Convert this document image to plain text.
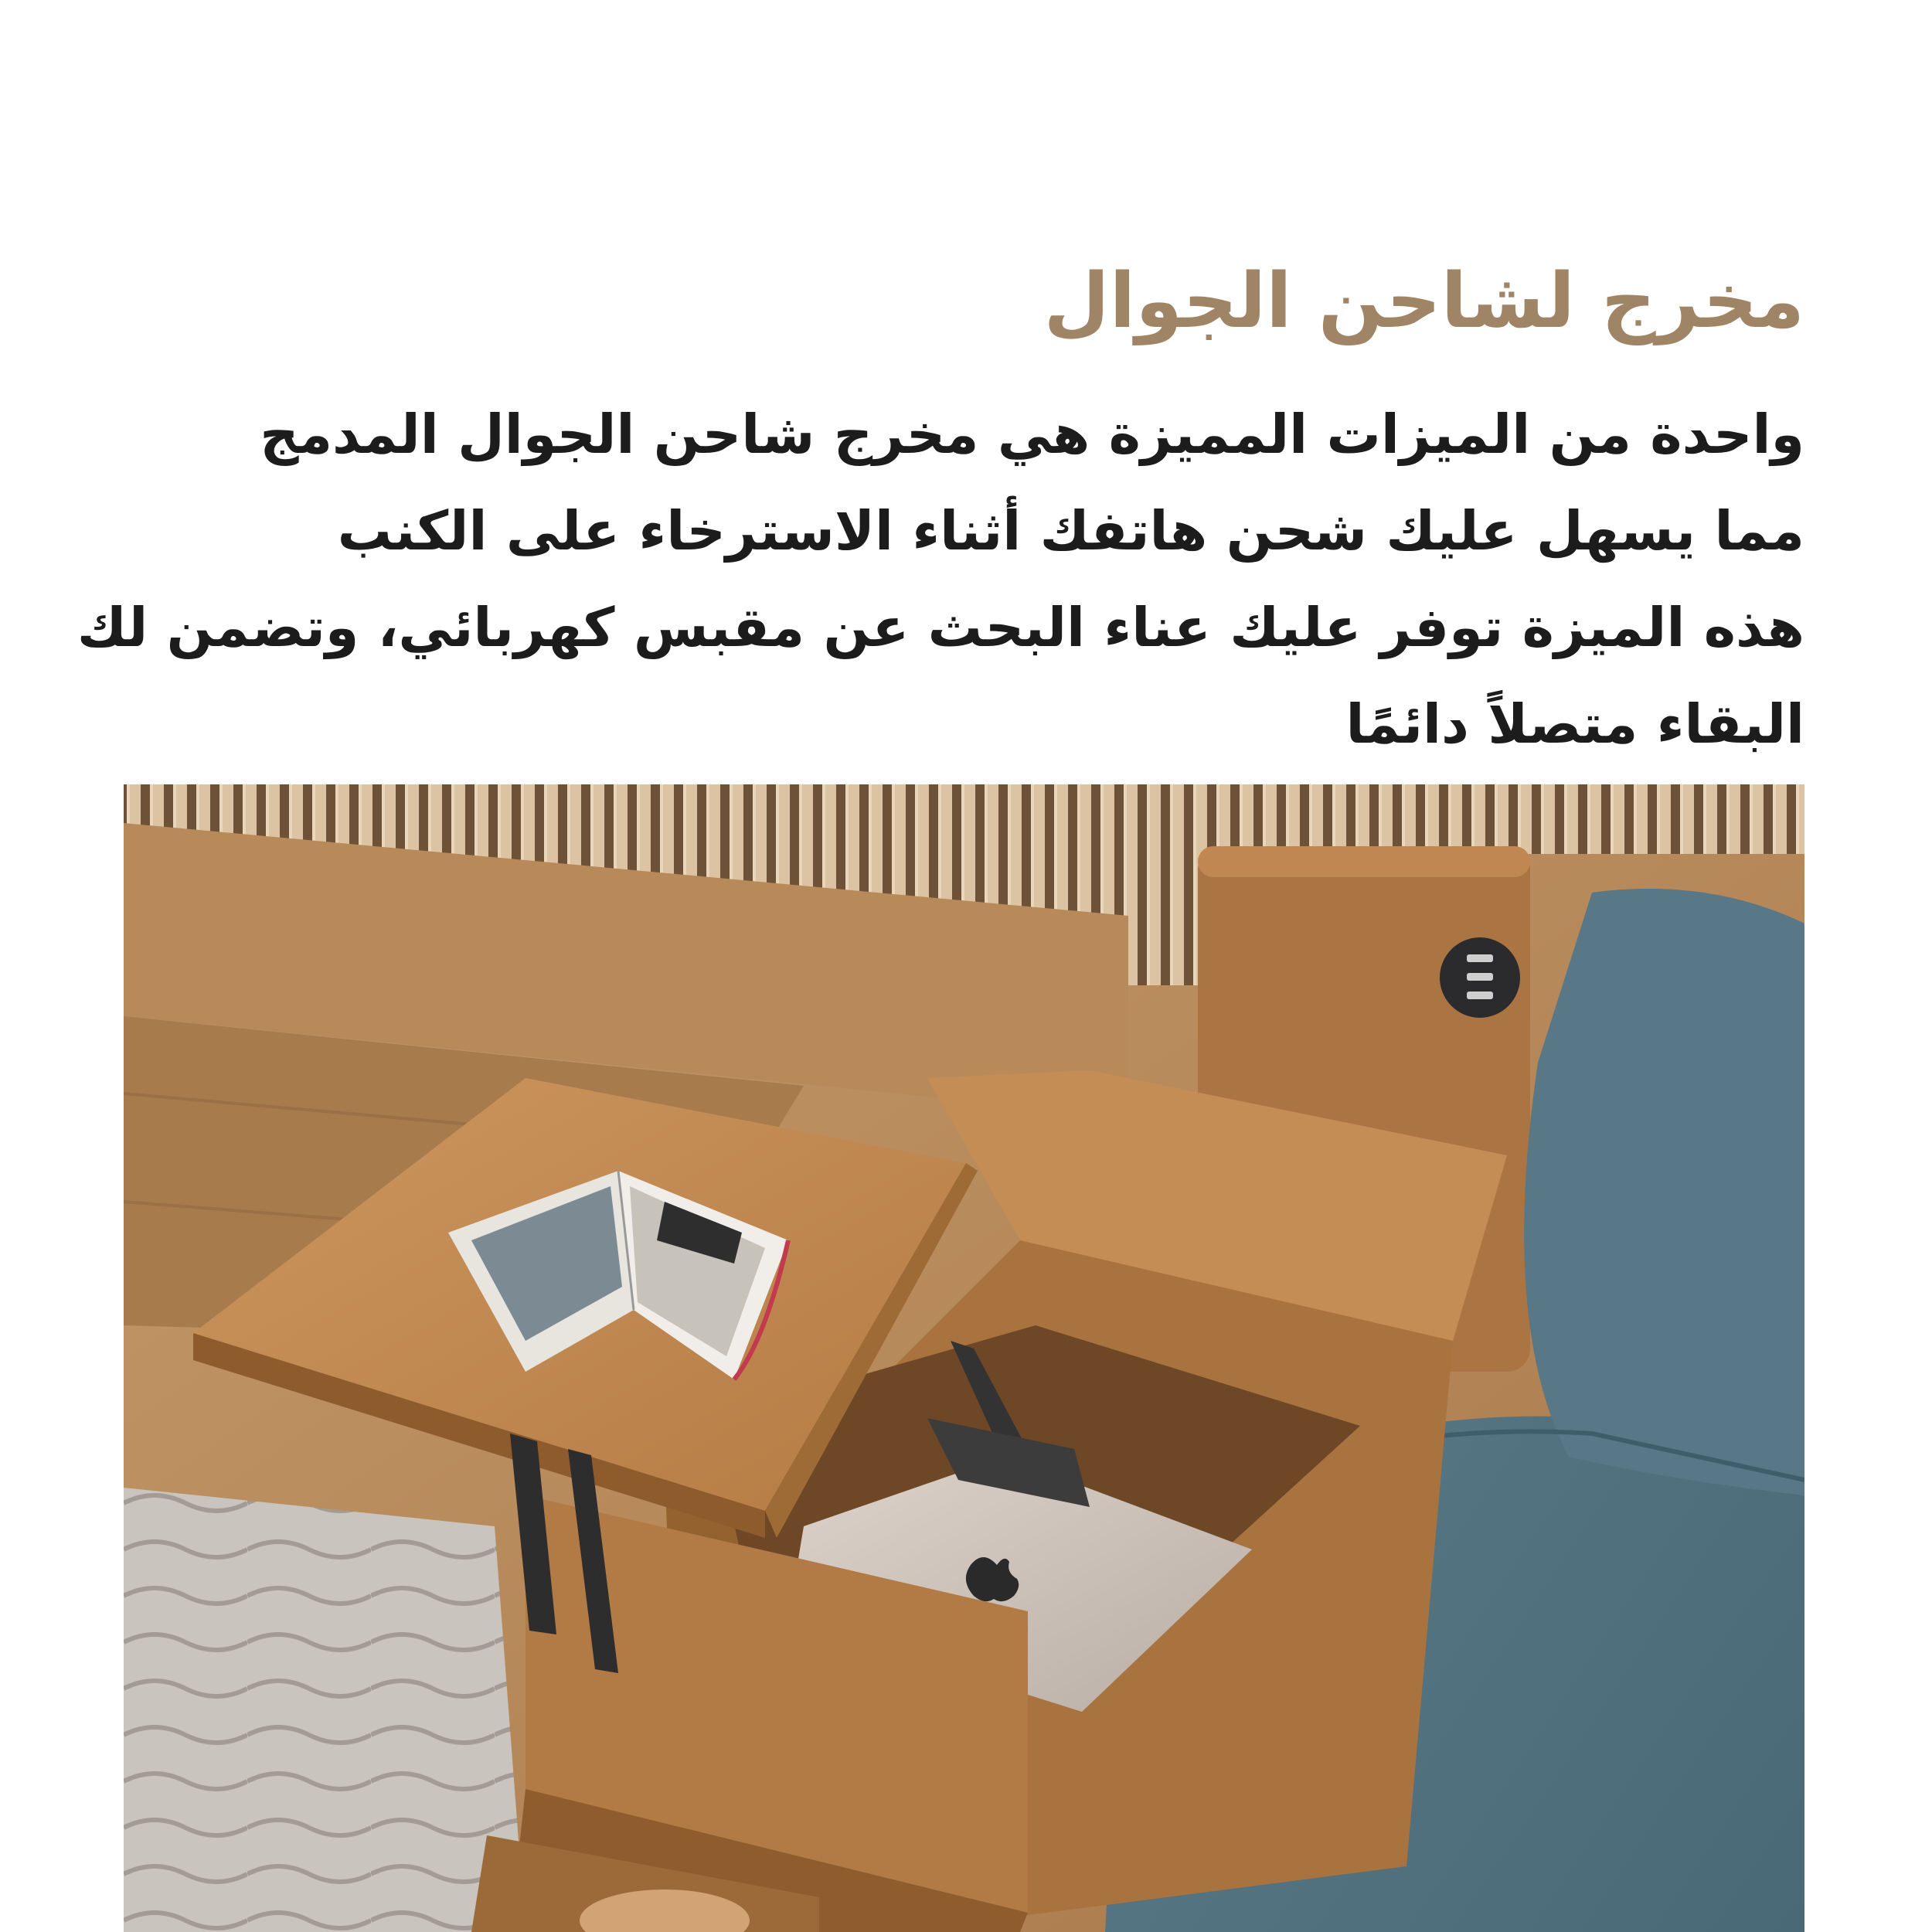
مخرج لشاحن الجوال
واحدة من الميزات المميزة هي مخرج شاحن الجوال المدمج
مما يسهل عليك شحن هاتفك أثناء الاسترخاء على الكنب
هذه الميزة توفر عليك عناء البحث عن مقبس كهربائي، وتضمن لك
البقاء متصلاً دائمًا
